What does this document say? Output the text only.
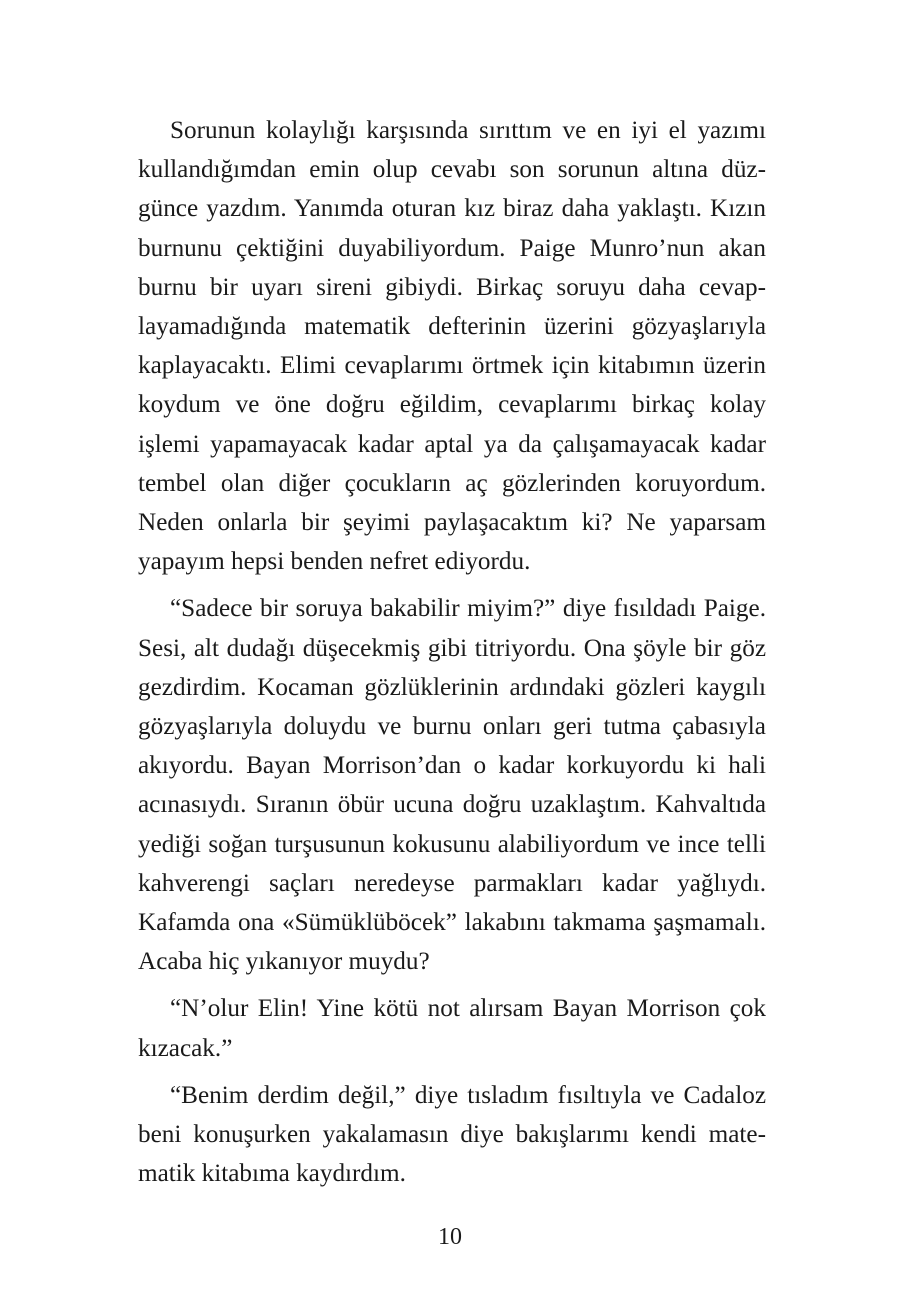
Sorunun kolaylığı karşısında sırıttım ve en iyi el yazımı kullandığımdan emin olup cevabı son sorunun altına düzgünce yazdım. Yanımda oturan kız biraz daha yaklaştı. Kızın burnunu çektiğini duyabiliyordum. Paige Munro’nun akan burnu bir uyarı sireni gibiydi. Birkaç soruyu daha cevaplayamadığında matematik defterinin üzerini gözyaşlarıyla kaplayacaktı. Elimi cevaplarımı örtmek için kitabımın üzerin koydum ve öne doğru eğildim, cevaplarımı birkaç kolay işlemi yapamayacak kadar aptal ya da çalışamayacak kadar tembel olan diğer çocukların aç gözlerinden koruyordum. Neden onlarla bir şeyimi paylaşacaktım ki? Ne yaparsam yapayım hepsi benden nefret ediyordu.

“Sadece bir soruya bakabilir miyim?” diye fısıldadı Paige. Sesi, alt dudağı düşecekmiş gibi titriyordu. Ona şöyle bir göz gezdirdim. Kocaman gözlüklerinin ardındaki gözleri kaygılı gözyaşlarıyla doluydu ve burnu onları geri tutma çabasıyla akıyordu. Bayan Morrison’dan o kadar korkuyordu ki hali acınasıydı. Sıranın öbür ucuna doğru uzaklaştım. Kahvaltıda yediği soğan turşusunun kokusunu alabiliyordum ve ince telli kahverengi saçları neredeyse parmakları kadar yağlıydı. Kafamda ona «Sümüklüböcek” lakabını takmama şaşmamalı. Acaba hiç yıkanıyor muydu?

“N’olur Elin! Yine kötü not alırsam Bayan Morrison çok kızacak.”

“Benim derdim değil,” diye tısladım fısıltıyla ve Cadaloz beni konuşurken yakalamasın diye bakışlarımı kendi matematik kitabıma kaydırdım.

10
